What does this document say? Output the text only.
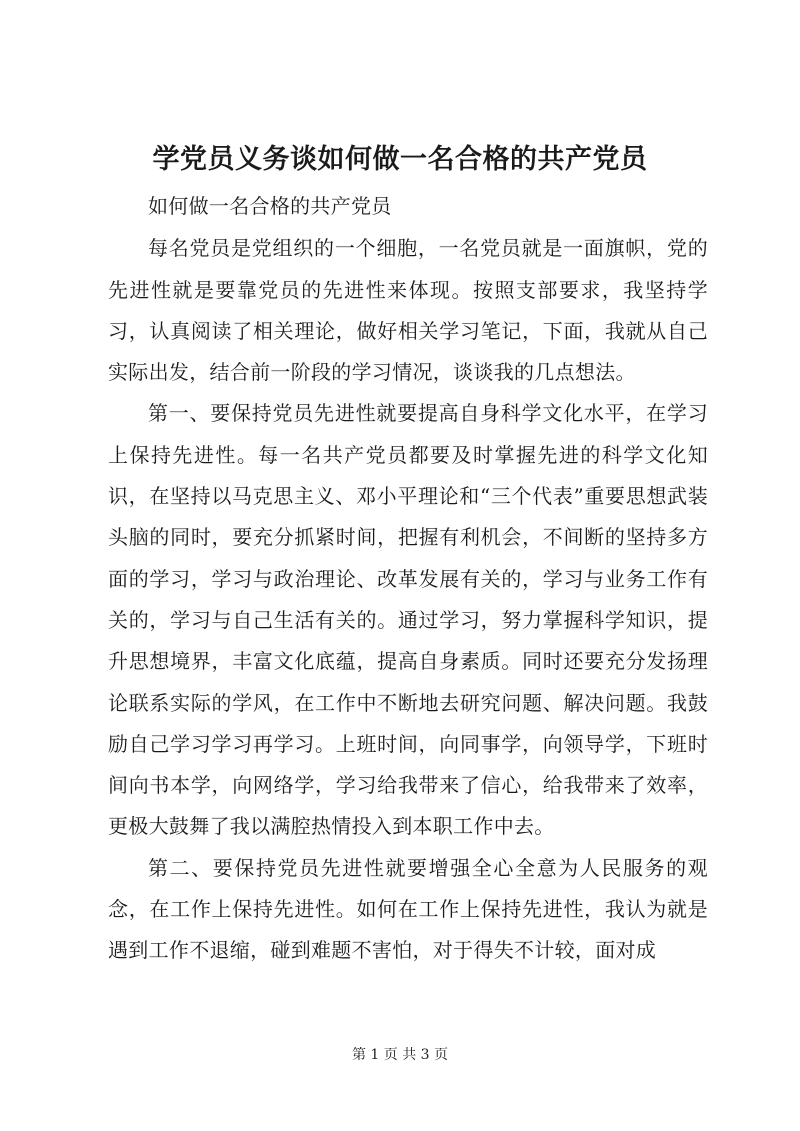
学党员义务谈如何做一名合格的共产党员

如何做一名合格的共产党员

每名党员是党组织的一个细胞，一名党员就是一面旗帜，党的先进性就是要靠党员的先进性来体现。按照支部要求，我坚持学习，认真阅读了相关理论，做好相关学习笔记，下面，我就从自己实际出发，结合前一阶段的学习情况，谈谈我的几点想法。

第一、要保持党员先进性就要提高自身科学文化水平，在学习上保持先进性。每一名共产党员都要及时掌握先进的科学文化知识，在坚持以马克思主义、邓小平理论和“三个代表”重要思想武装头脑的同时，要充分抓紧时间，把握有利机会，不间断的坚持多方面的学习，学习与政治理论、改革发展有关的，学习与业务工作有关的，学习与自己生活有关的。通过学习，努力掌握科学知识，提升思想境界，丰富文化底蕴，提高自身素质。同时还要充分发扬理论联系实际的学风，在工作中不断地去研究问题、解决问题。我鼓励自己学习学习再学习。上班时间，向同事学，向领导学，下班时间向书本学，向网络学，学习给我带来了信心，给我带来了效率，更极大鼓舞了我以满腔热情投入到本职工作中去。

第二、要保持党员先进性就要增强全心全意为人民服务的观念，在工作上保持先进性。如何在工作上保持先进性，我认为就是遇到工作不退缩，碰到难题不害怕，对于得失不计较，面对成

第 1 页 共 3 页
